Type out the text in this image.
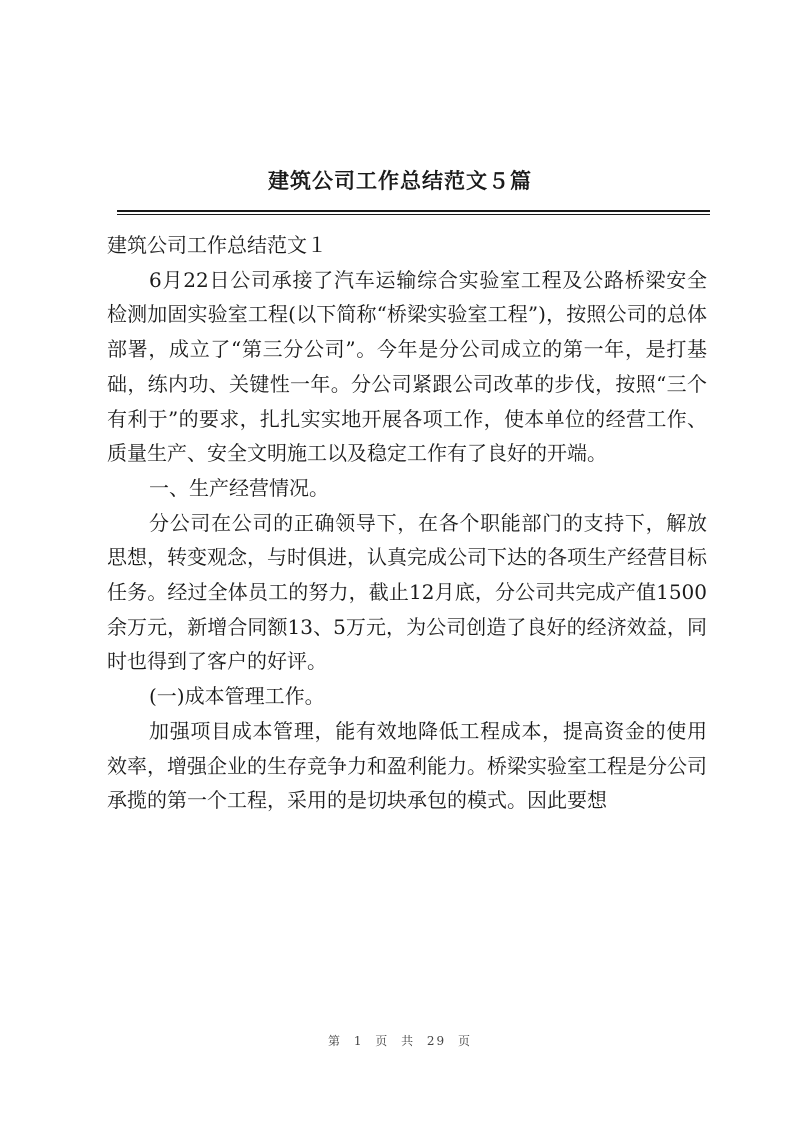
建筑公司工作总结范文５篇

建筑公司工作总结范文１

6月22日公司承接了汽车运输综合实验室工程及公路桥梁安全检测加固实验室工程(以下简称“桥梁实验室工程”)，按照公司的总体部署，成立了“第三分公司”。今年是分公司成立的第一年，是打基础，练内功、关键性一年。分公司紧跟公司改革的步伐，按照“三个有利于”的要求，扎扎实实地开展各项工作，使本单位的经营工作、质量生产、安全文明施工以及稳定工作有了良好的开端。

一、生产经营情况。

分公司在公司的正确领导下，在各个职能部门的支持下，解放思想，转变观念，与时俱进，认真完成公司下达的各项生产经营目标任务。经过全体员工的努力，截止12月底，分公司共完成产值1500余万元，新增合同额13、5万元，为公司创造了良好的经济效益，同时也得到了客户的好评。

(一)成本管理工作。

加强项目成本管理，能有效地降低工程成本，提高资金的使用效率，增强企业的生存竞争力和盈利能力。桥梁实验室工程是分公司承揽的第一个工程，采用的是切块承包的模式。因此要想

第 1 页 共 29 页
